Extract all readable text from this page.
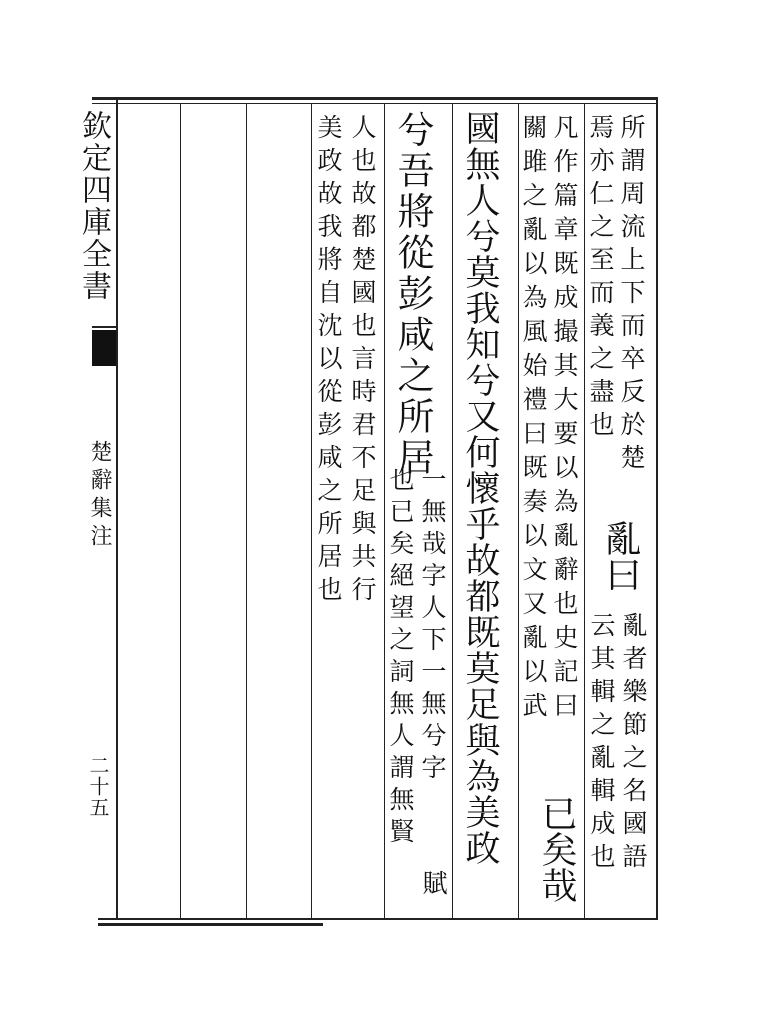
欽定四庫全書
楚辭集注
二十五
所謂周流上下而卒反於楚
焉亦仁之至而義之盡也
亂曰
亂者樂節之名國語
云其輯之亂輯成也
凡作篇章既成撮其大要以為亂辭也史記曰
關雎之亂以為風始禮曰既奏以文又亂以武
已矣哉
國無人兮莫我知兮又何懷乎故都既莫足與為美政
兮吾將從彭咸之所居
一無哉字人下一無兮字
賦
也已矣絕望之詞無人謂無賢
人也故都楚國也言時君不足與共行
美政故我將自沈以從彭咸之所居也
